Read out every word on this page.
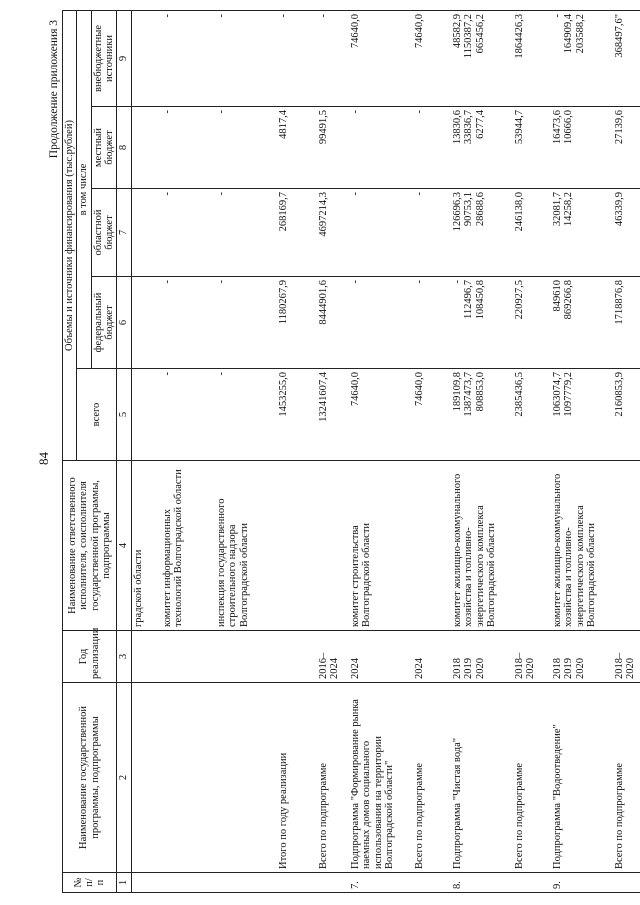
84
Продолжение приложения 3
№ п/п	Наименование государственной программы, подпрограммы	Год реализации	Наименование ответственного исполнителя, соисполнителя государственной программы, подпрограммы	Объемы и источники финансирования (тыс.рублей)				
				всего	в том числе			
					федеральный бюджет	областной бюджет	местный бюджет	внебюджетные источники
1	2	3	4	5	6	7	8	9
			градской области					
			комитет информационных технологий Волгоградской области	-	-	-	-	-
			инспекция государственного строительного надзора Волгоградской области	-	-	-	-	-
	Итого по году реализации			1453255,0	1180267,9	268169,7	4817,4	-
	Всего по подпрограмме	2016–2024		13241607,4	8444901,6	4697214,3	99491,5	-
7.	Подпрограмма "Формирование рынка наемных домов социального использования на территории Волгоградской области"	2024	комитет строительства Волгоградской области	74640,0	-	-	-	74640,0
	Всего по подпрограмме	2024		74640,0	-	-	-	74640,0
8.	Подпрограмма "Чистая вода"	2018
2019
2020	комитет жилищно-коммунального хозяйства и топливно-энергетического комплекса Волгоградской области	189109,8
1387473,7
808853,0	-
112496,7
108450,8	126696,3
90753,1
28688,6	13830,6
33836,7
6277,4	48582,9
1150387,2
665456,2
	Всего по подпрограмме	2018–2020		2385436,5	220927,5	246138,0	53944,7	1864426,3
9.	Подпрограмма "Водоотведение"	2018
2019
2020	комитет жилищно-коммунального хозяйства и топливно-энергетического комплекса Волгоградской области	1063074,7
1097779,2	849610
869266,8	32081,7
14258,2	16473,6
10666,0	-
164909,4
203588,2
	Всего по подпрограмме	2018–2020		2160853,9	1718876,8	46339,9	27139,6	368497,6"
